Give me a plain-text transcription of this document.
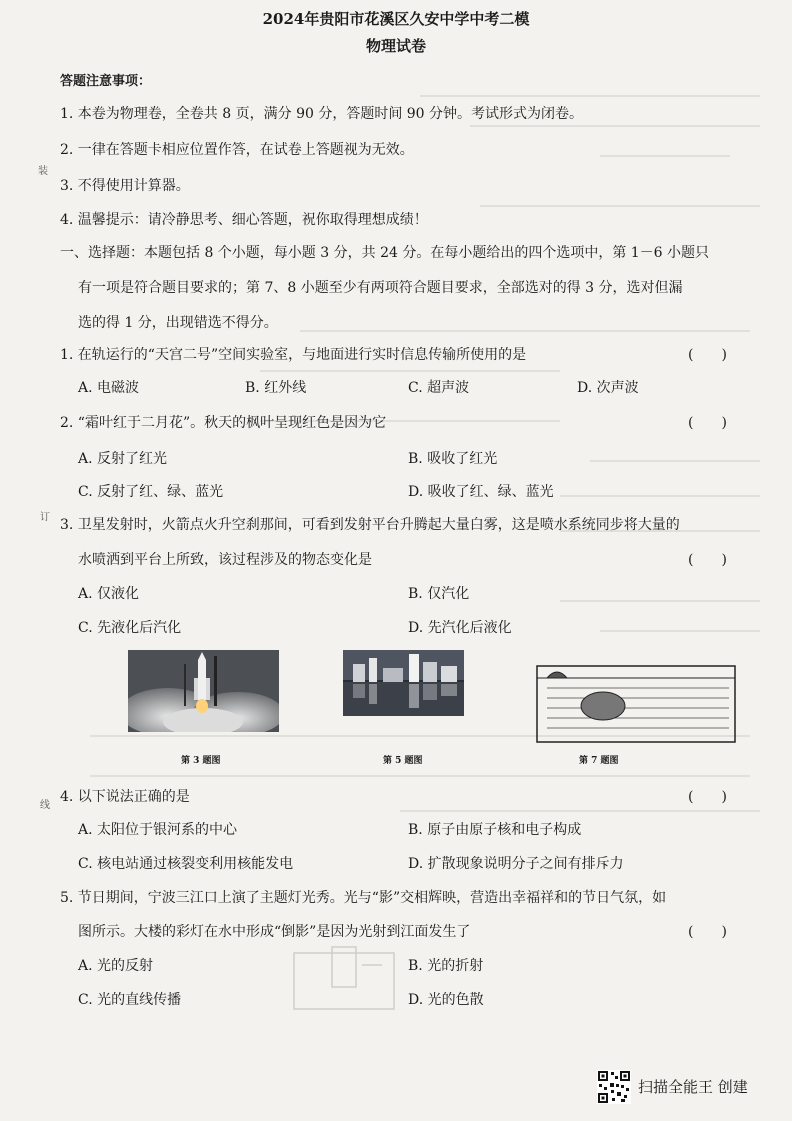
2024年贵阳市花溪区久安中学中考二模
物理试卷
装
订
线
答题注意事项：
1. 本卷为物理卷，全卷共 8 页，满分 90 分，答题时间 90 分钟。考试形式为闭卷。
2. 一律在答题卡相应位置作答，在试卷上答题视为无效。
3. 不得使用计算器。
4. 温馨提示：请冷静思考、细心答题，祝你取得理想成绩！
一、选择题：本题包括 8 个小题，每小题 3 分，共 24 分。在每小题给出的四个选项中，第 1－6 小题只
有一项是符合题目要求的；第 7、8 小题至少有两项符合题目要求，全部选对的得 3 分，选对但漏
选的得 1 分，出现错选不得分。
1. 在轨运行的“天宫二号”空间实验室，与地面进行实时信息传输所使用的是	(　　)
A. 电磁波	B. 红外线	C. 超声波	D. 次声波
2. “霜叶红于二月花”。秋天的枫叶呈现红色是因为它	(　　)
A. 反射了红光	B. 吸收了红光
C. 反射了红、绿、蓝光	D. 吸收了红、绿、蓝光
3. 卫星发射时，火箭点火升空刹那间，可看到发射平台升腾起大量白雾，这是喷水系统同步将大量的
水喷洒到平台上所致，该过程涉及的物态变化是	(　　)
A. 仅液化	B. 仅汽化
C. 先液化后汽化	D. 先汽化后液化
第 3 题图	第 5 题图	第 7 题图
4. 以下说法正确的是	(　　)
A. 太阳位于银河系的中心	B. 原子由原子核和电子构成
C. 核电站通过核裂变利用核能发电	D. 扩散现象说明分子之间有排斥力
5. 节日期间，宁波三江口上演了主题灯光秀。光与“影”交相辉映，营造出幸福祥和的节日气氛，如
图所示。大楼的彩灯在水中形成“倒影”是因为光射到江面发生了	(　　)
A. 光的反射	B. 光的折射
C. 光的直线传播	D. 光的色散
扫描全能王 创建
